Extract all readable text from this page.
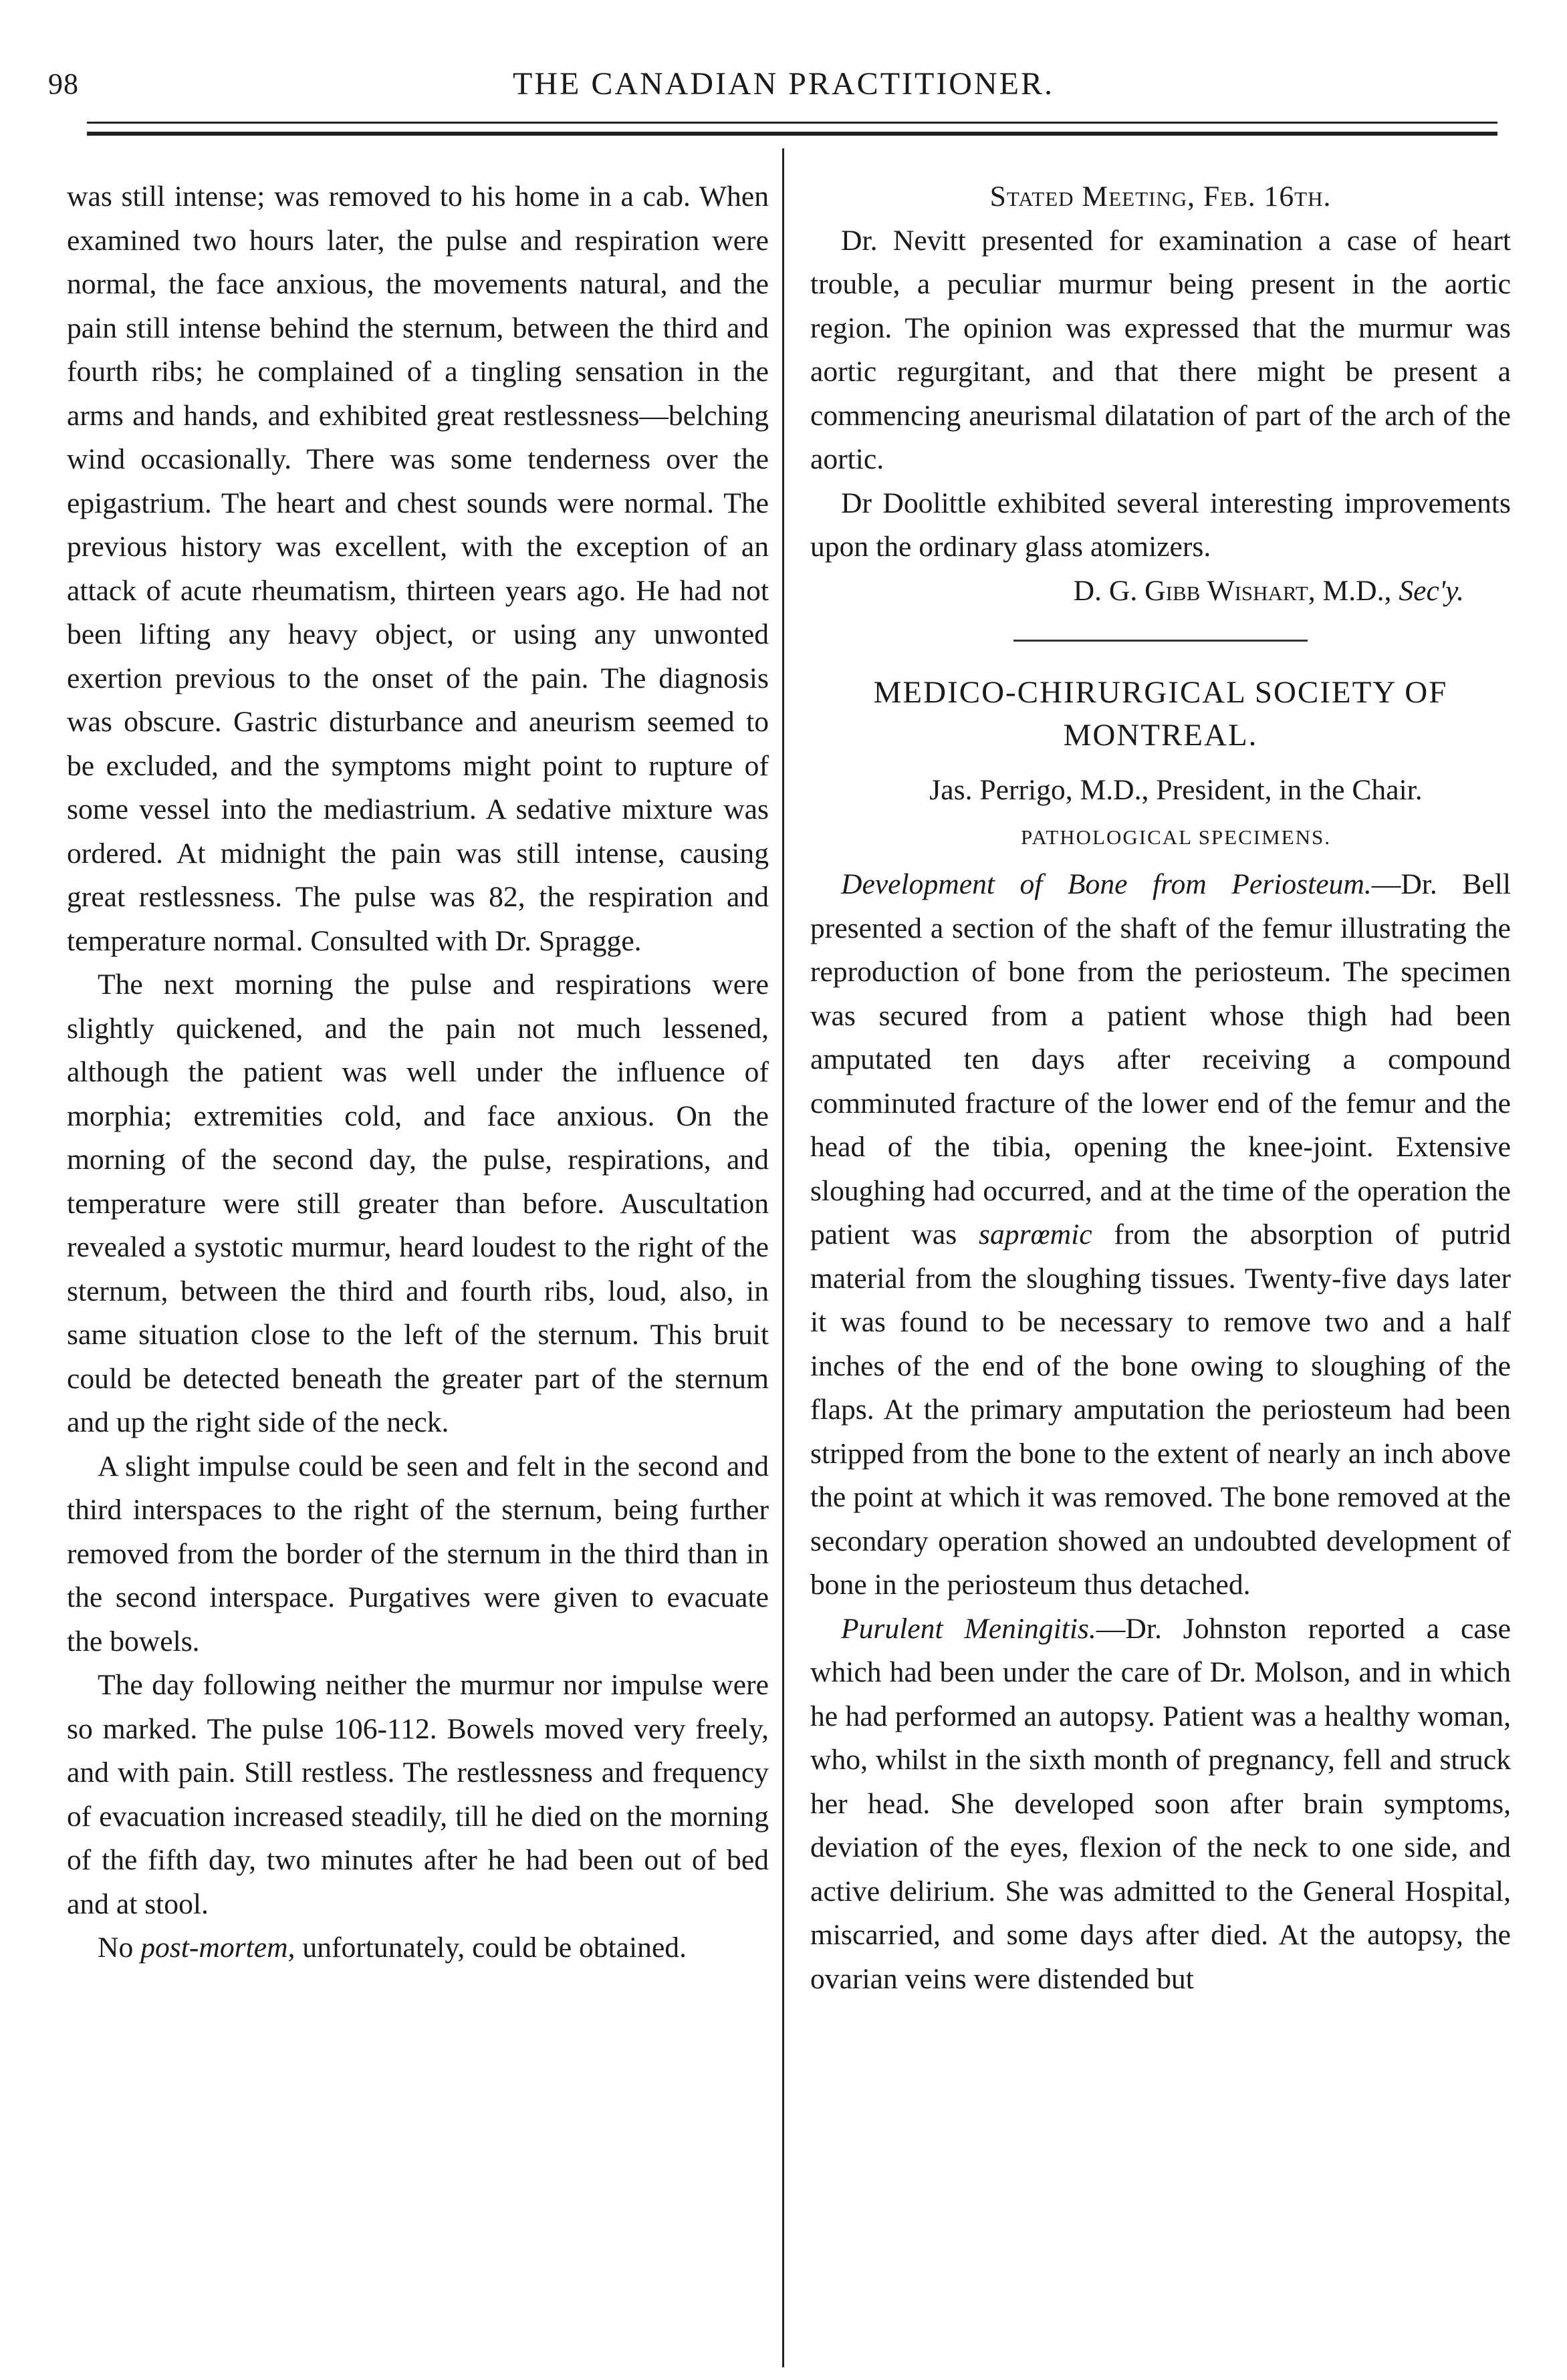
98	THE CANADIAN PRACTITIONER.

was still intense; was removed to his home in a cab. When examined two hours later, the pulse and respiration were normal, the face anxious, the movements natural, and the pain still intense behind the sternum, between the third and fourth ribs; he complained of a tingling sensation in the arms and hands, and exhibited great restlessness—belching wind occasionally. There was some tenderness over the epigastrium. The heart and chest sounds were normal. The previous history was excellent, with the exception of an attack of acute rheumatism, thirteen years ago. He had not been lifting any heavy object, or using any unwonted exertion previous to the onset of the pain. The diagnosis was obscure. Gastric disturbance and aneurism seemed to be excluded, and the symptoms might point to rupture of some vessel into the mediastrium. A sedative mixture was ordered. At midnight the pain was still intense, causing great restlessness. The pulse was 82, the respiration and temperature normal. Consulted with Dr. Spragge.

The next morning the pulse and respirations were slightly quickened, and the pain not much lessened, although the patient was well under the influence of morphia; extremities cold, and face anxious. On the morning of the second day, the pulse, respirations, and temperature were still greater than before. Auscultation revealed a systotic murmur, heard loudest to the right of the sternum, between the third and fourth ribs, loud, also, in same situation close to the left of the sternum. This bruit could be detected beneath the greater part of the sternum and up the right side of the neck.

A slight impulse could be seen and felt in the second and third interspaces to the right of the sternum, being further removed from the border of the sternum in the third than in the second interspace. Purgatives were given to evacuate the bowels.

The day following neither the murmur nor impulse were so marked. The pulse 106-112. Bowels moved very freely, and with pain. Still restless. The restlessness and frequency of evacuation increased steadily, till he died on the morning of the fifth day, two minutes after he had been out of bed and at stool.

No post-mortem, unfortunately, could be obtained.

Stated Meeting, Feb. 16th.

Dr. Nevitt presented for examination a case of heart trouble, a peculiar murmur being present in the aortic region. The opinion was expressed that the murmur was aortic regurgitant, and that there might be present a commencing aneurismal dilatation of part of the arch of the aortic.

Dr Doolittle exhibited several interesting improvements upon the ordinary glass atomizers.

D. G. Gibb Wishart, M.D., Sec'y.

MEDICO-CHIRURGICAL SOCIETY OF
MONTREAL.

Jas. Perrigo, M.D., President, in the Chair.

PATHOLOGICAL SPECIMENS.

Development of Bone from Periosteum.—Dr. Bell presented a section of the shaft of the femur illustrating the reproduction of bone from the periosteum. The specimen was secured from a patient whose thigh had been amputated ten days after receiving a compound comminuted fracture of the lower end of the femur and the head of the tibia, opening the knee-joint. Extensive sloughing had occurred, and at the time of the operation the patient was saprœmic from the absorption of putrid material from the sloughing tissues. Twenty-five days later it was found to be necessary to remove two and a half inches of the end of the bone owing to sloughing of the flaps. At the primary amputation the periosteum had been stripped from the bone to the extent of nearly an inch above the point at which it was removed. The bone removed at the secondary operation showed an undoubted development of bone in the periosteum thus detached.

Purulent Meningitis.—Dr. Johnston reported a case which had been under the care of Dr. Molson, and in which he had performed an autopsy. Patient was a healthy woman, who, whilst in the sixth month of pregnancy, fell and struck her head. She developed soon after brain symptoms, deviation of the eyes, flexion of the neck to one side, and active delirium. She was admitted to the General Hospital, miscarried, and some days after died. At the autopsy, the ovarian veins were distended but
